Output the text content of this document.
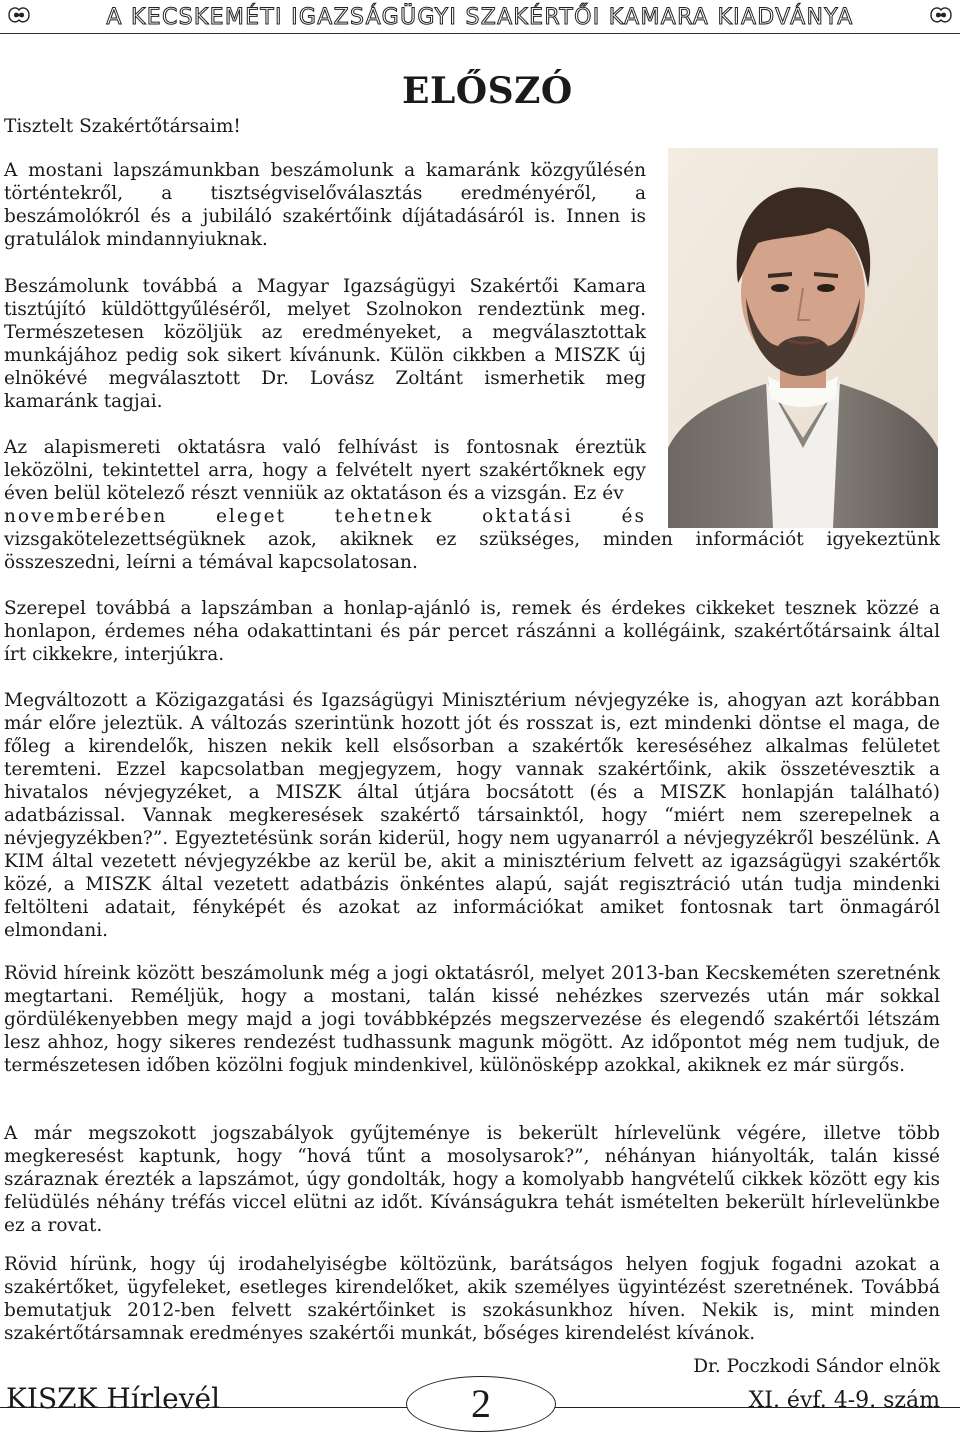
A KECSKEMÉTI IGAZSÁGÜGYI SZAKÉRTŐI KAMARA KIADVÁNYA
ELŐSZÓ
Tisztelt Szakértőtársaim!

A mostani lapszámunkban beszámolunk a kamaránk közgyűlésén történtekről, a tisztségviselőválasztás eredményéről, a beszámolókról és a jubiláló szakértőink díjátadásáról is. Innen is gratulálok mindannyiuknak.

Beszámolunk továbbá a Magyar Igazságügyi Szakértői Kamara tisztújító küldöttgyűléséről, melyet Szolnokon rendeztünk meg. Természetesen közöljük az eredményeket, a megválasztottak munkájához pedig sok sikert kívánunk. Külön cikkben a MISZK új elnökévé megválasztott Dr. Lovász Zoltánt ismerhetik meg kamaránk tagjai.

Az alapismereti oktatásra való felhívást is fontosnak éreztük leközölni, tekintettel arra, hogy a felvételt nyert szakértőknek egy éven belül kötelező részt venniük az oktatáson és a vizsgán. Ez év

novemberében eleget tehetnek oktatási és
vizsgakötelezettségüknek azok, akiknek ez szükséges, minden információt igyekeztünk
összeszedni, leírni a témával kapcsolatosan.

Szerepel továbbá a lapszámban a honlap-ajánló is, remek és érdekes cikkeket tesznek közzé a honlapon, érdemes néha odakattintani és pár percet rászánni a kollégáink, szakértőtársaink által írt cikkekre, interjúkra.

Megváltozott a Közigazgatási és Igazságügyi Minisztérium névjegyzéke is, ahogyan azt korábban már előre jeleztük. A változás szerintünk hozott jót és rosszat is, ezt mindenki döntse el maga, de főleg a kirendelők, hiszen nekik kell elsősorban a szakértők kereséséhez alkalmas felületet teremteni. Ezzel kapcsolatban megjegyzem, hogy vannak szakértőink, akik összetévesztik a hivatalos névjegyzéket, a MISZK által útjára bocsátott (és a MISZK honlapján található) adatbázissal. Vannak megkeresések szakértő társainktól, hogy “miért nem szerepelnek a névjegyzékben?”. Egyeztetésünk során kiderül, hogy nem ugyanarról a névjegyzékről beszélünk. A KIM által vezetett névjegyzékbe az kerül be, akit a minisztérium felvett az igazságügyi szakértők közé, a MISZK által vezetett adatbázis önkéntes alapú, saját regisztráció után tudja mindenki feltölteni adatait, fényképét és azokat az információkat amiket fontosnak tart önmagáról elmondani.

Rövid híreink között beszámolunk még a jogi oktatásról, melyet 2013-ban Kecskeméten szeretnénk megtartani. Reméljük, hogy a mostani, talán kissé nehézkes szervezés után már sokkal gördülékenyebben megy majd a jogi továbbképzés megszervezése és elegendő szakértői létszám lesz ahhoz, hogy sikeres rendezést tudhassunk magunk mögött. Az időpontot még nem tudjuk, de természetesen időben közölni fogjuk mindenkivel, különösképp azokkal, akiknek ez már sürgős.

A már megszokott jogszabályok gyűjteménye is bekerült hírlevelünk végére, illetve több megkeresést kaptunk, hogy “hová tűnt a mosolysarok?”, néhányan hiányolták, talán kissé száraznak érezték a lapszámot, úgy gondolták, hogy a komolyabb hangvételű cikkek között egy kis felüdülés néhány tréfás viccel elütni az időt. Kívánságukra tehát ismételten bekerült hírlevelünkbe ez a rovat.

Rövid hírünk, hogy új irodahelyiségbe költözünk, barátságos helyen fogjuk fogadni azokat a szakértőket, ügyfeleket, esetleges kirendelőket, akik személyes ügyintézést szeretnének. Továbbá bemutatjuk 2012-ben felvett szakértőinket is szokásunkhoz híven. Nekik is, mint minden szakértőtársamnak eredményes szakértői munkát, bőséges kirendelést kívánok.

Dr. Poczkodi Sándor elnök
KISZK Hírlevél	2	XI. évf. 4-9. szám
